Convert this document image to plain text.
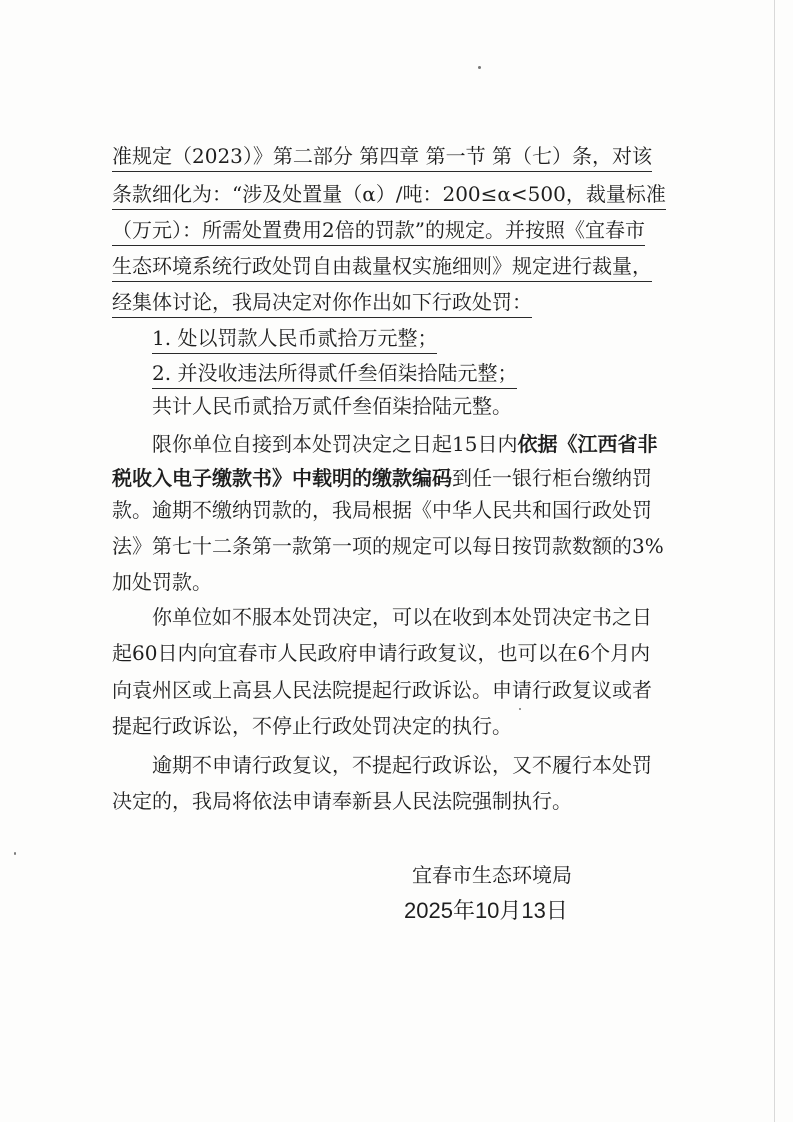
准规定（2023）》第二部分 第四章 第一节 第（七）条，对该
条款细化为：“涉及处置量（α）/吨：200≤α<500，裁量标准
（万元）：所需处置费用2倍的罚款”的规定。并按照《宜春市
生态环境系统行政处罚自由裁量权实施细则》规定进行裁量，
经集体讨论，我局决定对你作出如下行政处罚：
1. 处以罚款人民币贰拾万元整；
2. 并没收违法所得贰仟叁佰柒拾陆元整；
共计人民币贰拾万贰仟叁佰柒拾陆元整。
限你单位自接到本处罚决定之日起15日内依据《江西省非
税收入电子缴款书》中载明的缴款编码到任一银行柜台缴纳罚
款。逾期不缴纳罚款的，我局根据《中华人民共和国行政处罚
法》第七十二条第一款第一项的规定可以每日按罚款数额的3%
加处罚款。
你单位如不服本处罚决定，可以在收到本处罚决定书之日
起60日内向宜春市人民政府申请行政复议，也可以在6个月内
向袁州区或上高县人民法院提起行政诉讼。申请行政复议或者
提起行政诉讼，不停止行政处罚决定的执行。
逾期不申请行政复议，不提起行政诉讼，又不履行本处罚
决定的，我局将依法申请奉新县人民法院强制执行。
宜春市生态环境局
2025年10月13日
